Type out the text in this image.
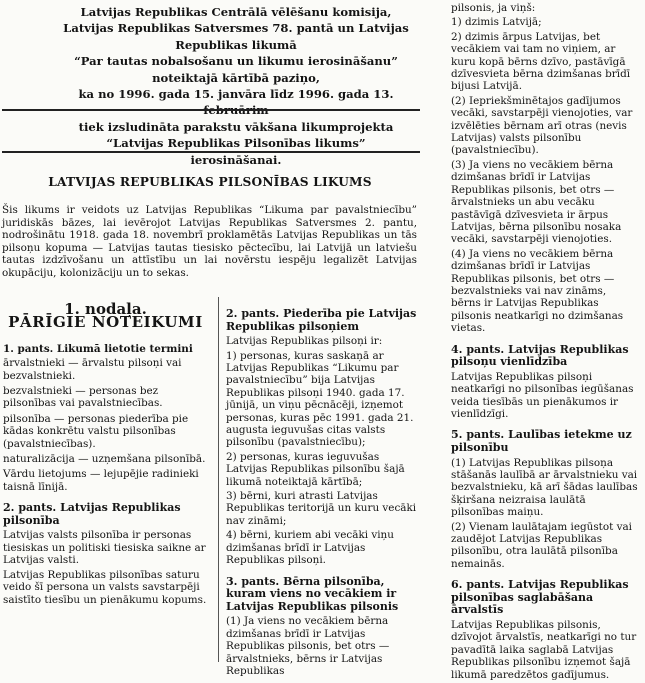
Latvijas Republikas Centrālā vēlēšanu komisija,
Latvijas Republikas Satversmes 78. pantā un Latvijas Republikas likumā
“Par tautas nobalsošanu un likumu ierosināšanu” noteiktajā kārtībā paziņo,
ka no 1996. gada 15. janvāra līdz 1996. gada 13.
tiek izsludināta parakstu vākšana likumprojekta
“Latvijas Republikas Pilsonības likums” ierosināšanai.
LATVIJAS REPUBLIKAS PILSONĪBAS LIKUMS

Šis likums ir veidots uz Latvijas Republikas “Likuma par pavalstniecību” juridiskās bāzes, lai ievērojot Latvijas Republikas Satversmes 2. pantu, nodrošinātu 1918. gada 18. novembrī proklamētās Latvijas Republikas un tās pilsoņu kopuma — Latvijas tautas tiesisko pēctecību, lai Latvijā un latviešu tautas izdzīvošanu un attīstību un lai novērstu iespēju legalizēt Latvijas okupāciju, kolonizāciju un to sekas.

1. nodaļa.

PĀRĪGIE NOTEIKUMI

1. pants. Likumā lietotie termini

ārvalstnieki — ārvalstu pilsoņi vai bezvalstnieki.

bezvalstnieki — personas bez pilsonības vai pavalstniecības.

pilsonība — personas piederība pie kādas konkrētu valstu pilsonības (pavalstniecības).

naturalizācija — uzņemšana pilsonībā.

Vārdu lietojums — lejupējie radinieki taisnā līnijā.

2. pants. Latvijas Republikas pilsonība

Latvijas valsts pilsonība ir personas tiesiskas un politiski tiesiska saikne ar Latvijas valsti.

Latvijas Republikas pilsonības saturu veido šī persona un valsts savstarpēji saistīto tiesību un pienākumu kopums.

2. pants. Piederība pie Latvijas Republikas pilsoņiem

Latvijas Republikas pilsoņi ir:

1) personas, kuras saskaņā ar Latvijas Republikas “Likumu par pavalstniecību” bija Latvijas Republikas pilsoņi 1940. gada 17. jūnijā, un viņu pēcnācēji, izņemot personas, kuras pēc 1991. gada 21. augusta ieguvušas citas valsts pilsonību (pavalstniecību);

2) personas, kuras ieguvušas Latvijas Republikas pilsonību šajā likumā noteiktajā kārtībā;

3) bērni, kuri atrasti Latvijas Republikas teritorijā un kuru vecāki nav zināmi;

4) bērni, kuriem abi vecāki viņu dzimšanas brīdī ir Latvijas Republikas pilsoņi.

3. pants. Bērna pilsonība, kuram viens no vecākiem ir Latvijas Republikas pilsonis

(1) Ja viens no vecākiem bērna dzimšanas brīdī ir Latvijas Republikas pilsonis, bet otrs — ārvalstnieks, bērns ir Latvijas Republikas

pilsonis, ja viņš:

1) dzimis Latvijā;

2) dzimis ārpus Latvijas, bet vecākiem vai tam no viņiem, ar kuru kopā bērns dzīvo, pastāvīgā dzīvesvieta bērna dzimšanas brīdī bijusi Latvijā.

(2) Iepriekšminētajos gadījumos vecāki, savstarpēji vienojoties, var izvēlēties bērnam arī otras (nevis Latvijas) valsts pilsonību (pavalstniecību).

(3) Ja viens no vecākiem bērna dzimšanas brīdī ir Latvijas Republikas pilsonis, bet otrs — ārvalstnieks un abu vecāku pastāvīgā dzīvesvieta ir ārpus Latvijas, bērna pilsonību nosaka vecāki, savstarpēji vienojoties.

(4) Ja viens no vecākiem bērna dzimšanas brīdī ir Latvijas Republikas pilsonis, bet otrs — bezvalstnieks vai nav zināms, bērns ir Latvijas Republikas pilsonis neatkarīgi no dzimšanas vietas.

4. pants. Latvijas Republikas pilsoņu vienlīdzība

Latvijas Republikas pilsoņi neatkarīgi no pilsonības iegūšanas veida tiesībās un pienākumos ir vienlīdzīgi.

5. pants. Laulības ietekme uz pilsonību

(1) Latvijas Republikas pilsoņa stāšanās laulībā ar ārvalstnieku vai bezvalstnieku, kā arī šādas laulības šķiršana neizraisa laulātā pilsonības maiņu.

(2) Vienam laulātajam iegūstot vai zaudējot Latvijas Republikas pilsonību, otra laulātā pilsonība nemainās.

6. pants. Latvijas Republikas pilsonības saglabāšana ārvalstīs

Latvijas Republikas pilsonis, dzīvojot ārvalstīs, neatkarīgi no tur pavadītā laika saglabā Latvijas Republikas pilsonību izņemot šajā likumā paredzētos gadījumus.
